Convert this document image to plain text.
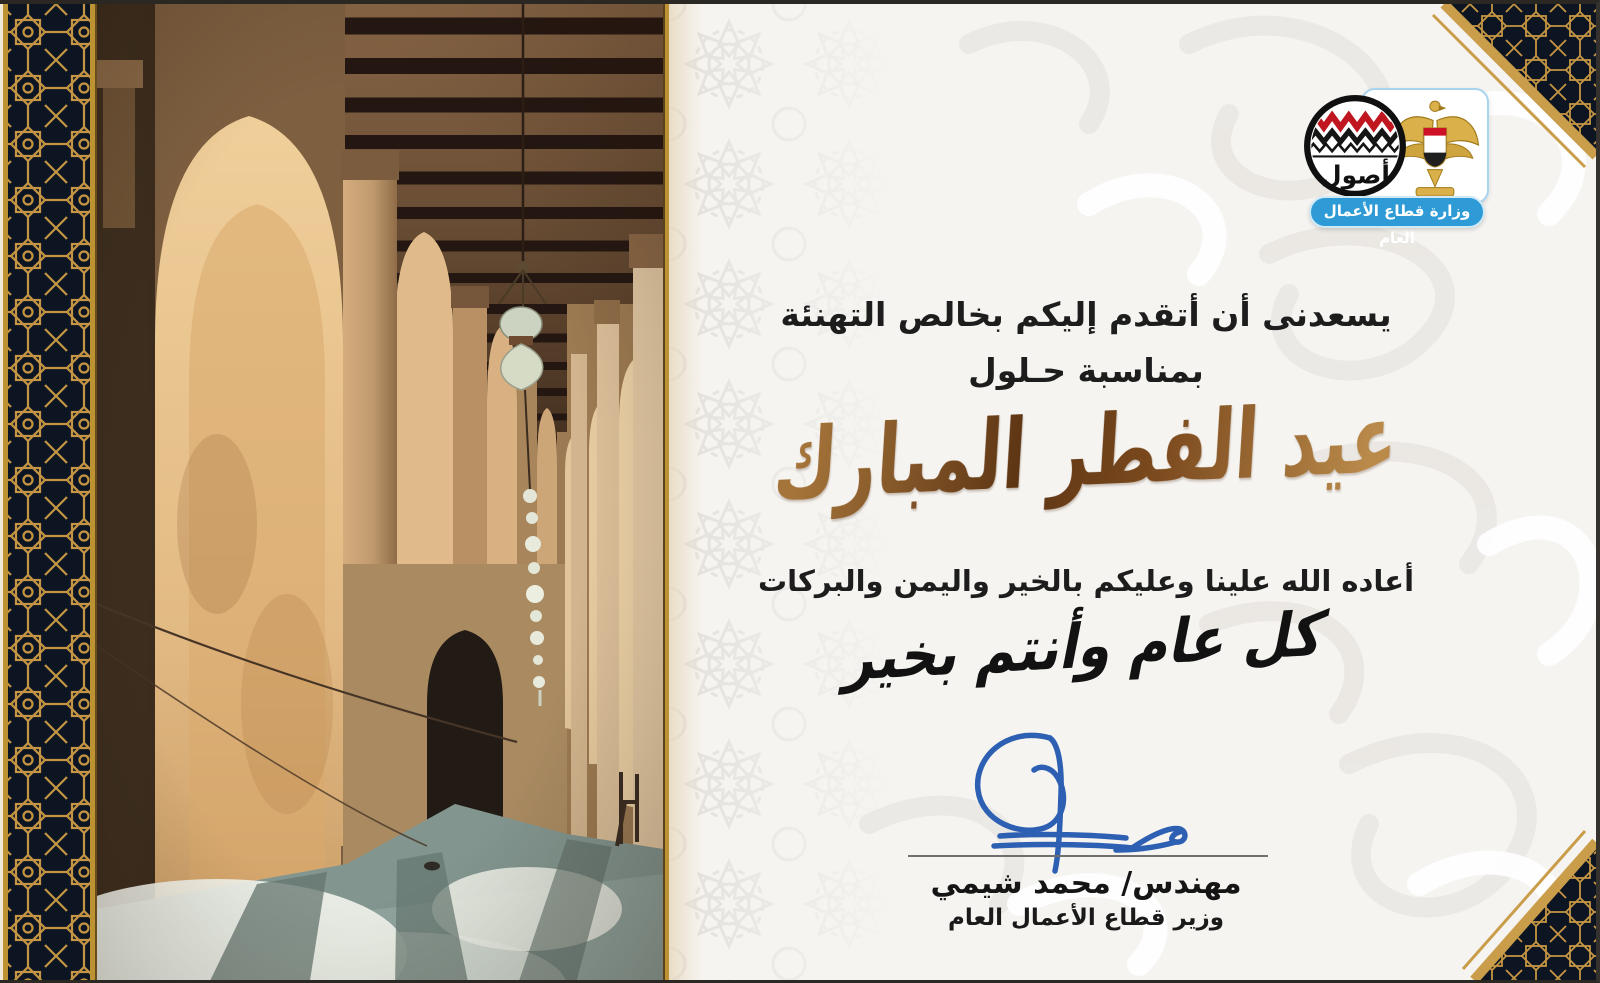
أصول
وزارة قطاع الأعمال العام
يسعدنى أن أتقدم إليكم بخالص التهنئة
بمناسبة حـلول
عيد الفطر المبارك
أعاده الله علينا وعليكم بالخير واليمن والبركات
كل عام وأنتم بخير
مهندس/ محمد شيمي
وزير قطاع الأعمال العام
